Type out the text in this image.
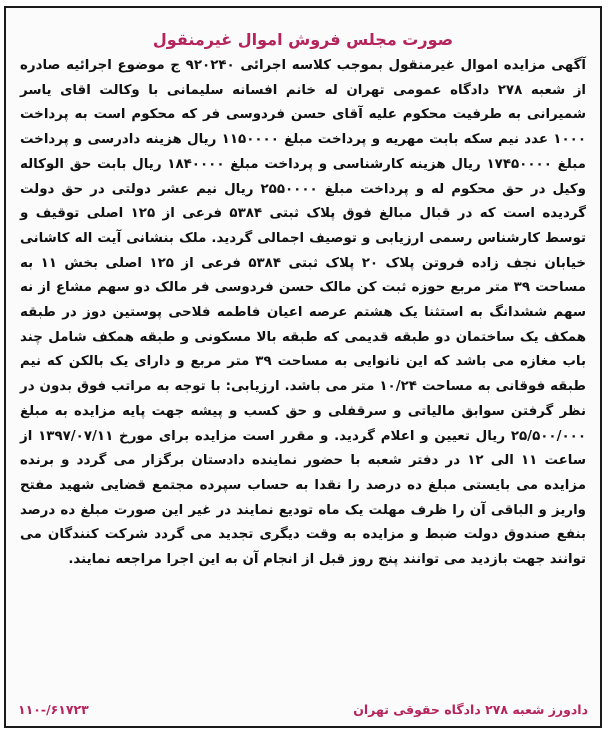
صورت مجلس فروش اموال غیرمنقول

آگهی مزایده اموال غیرمنقول بموجب کلاسه اجرائی ۹۲۰۲۴۰ ج موضوع اجرائیه صادره از شعبه ۲۷۸ دادگاه عمومی تهران له خانم افسانه سلیمانی با وکالت اقای یاسر شمیرانی به طرفیت محکوم علیه آقای حسن فردوسی فر که محکوم است به پرداخت ۱۰۰۰ عدد نیم سکه بابت مهریه و پرداخت مبلغ ۱۱۵۰۰۰۰ ریال هزینه دادرسی و پرداخت مبلغ ۱۷۴۵۰۰۰۰ ریال هزینه کارشناسی و پرداخت مبلغ ۱۸۴۰۰۰۰ ریال بابت حق الوکاله وکیل در حق محکوم له و پرداخت مبلغ ۲۵۵۰۰۰۰ ریال نیم عشر دولتی در حق دولت گردیده است که در قبال مبالغ فوق پلاک ثبتی ۵۳۸۴ فرعی از ۱۲۵ اصلی توقیف و توسط کارشناس رسمی ارزیابی و توصیف اجمالی گردید. ملک بنشانی آیت اله کاشانی خیابان نجف زاده فروتن پلاک ۲۰ پلاک ثبتی ۵۳۸۴ فرعی از ۱۲۵ اصلی بخش ۱۱ به مساحت ۳۹ متر مربع حوزه ثبت کن مالک حسن فردوسی فر مالک دو سهم مشاع از نه سهم ششدانگ به استثنا یک هشتم عرصه اعیان فاطمه فلاحی پوستین دوز در طبقه همکف یک ساختمان دو طبقه قدیمی که طبقه بالا مسکونی و طبقه همکف شامل چند باب مغازه می باشد که این نانوایی به مساحت ۳۹ متر مربع و دارای یک بالکن که نیم طبقه فوقانی به مساحت ۱۰/۲۴ متر می باشد. ارزیابی: با توجه به مراتب فوق بدون در نظر گرفتن سوابق مالیاتی و سرقفلی و حق کسب و پیشه جهت پایه مزایده به مبلغ ۲۵/۵۰۰/۰۰۰ ریال تعیین و اعلام گردید. و مقرر است مزایده برای مورخ ۱۳۹۷/۰۷/۱۱ از ساعت ۱۱ الی ۱۲ در دفتر شعبه با حضور نماینده دادستان برگزار می گردد و برنده مزایده می بایستی مبلغ ده درصد را نقدا به حساب سپرده مجتمع قضایی شهید مفتح واریز و الباقی آن را ظرف مهلت یک ماه تودیع نمایند در غیر این صورت مبلغ ده درصد بنفع صندوق دولت ضبط و مزایده به وقت دیگری تجدید می گردد شرکت کنندگان می توانند جهت بازدید می توانند پنج روز قبل از انجام آن به این اجرا مراجعه نمایند.

دادورز شعبه ۲۷۸ دادگاه حقوقی تهران
۱۱۰-/۶۱۷۲۳
